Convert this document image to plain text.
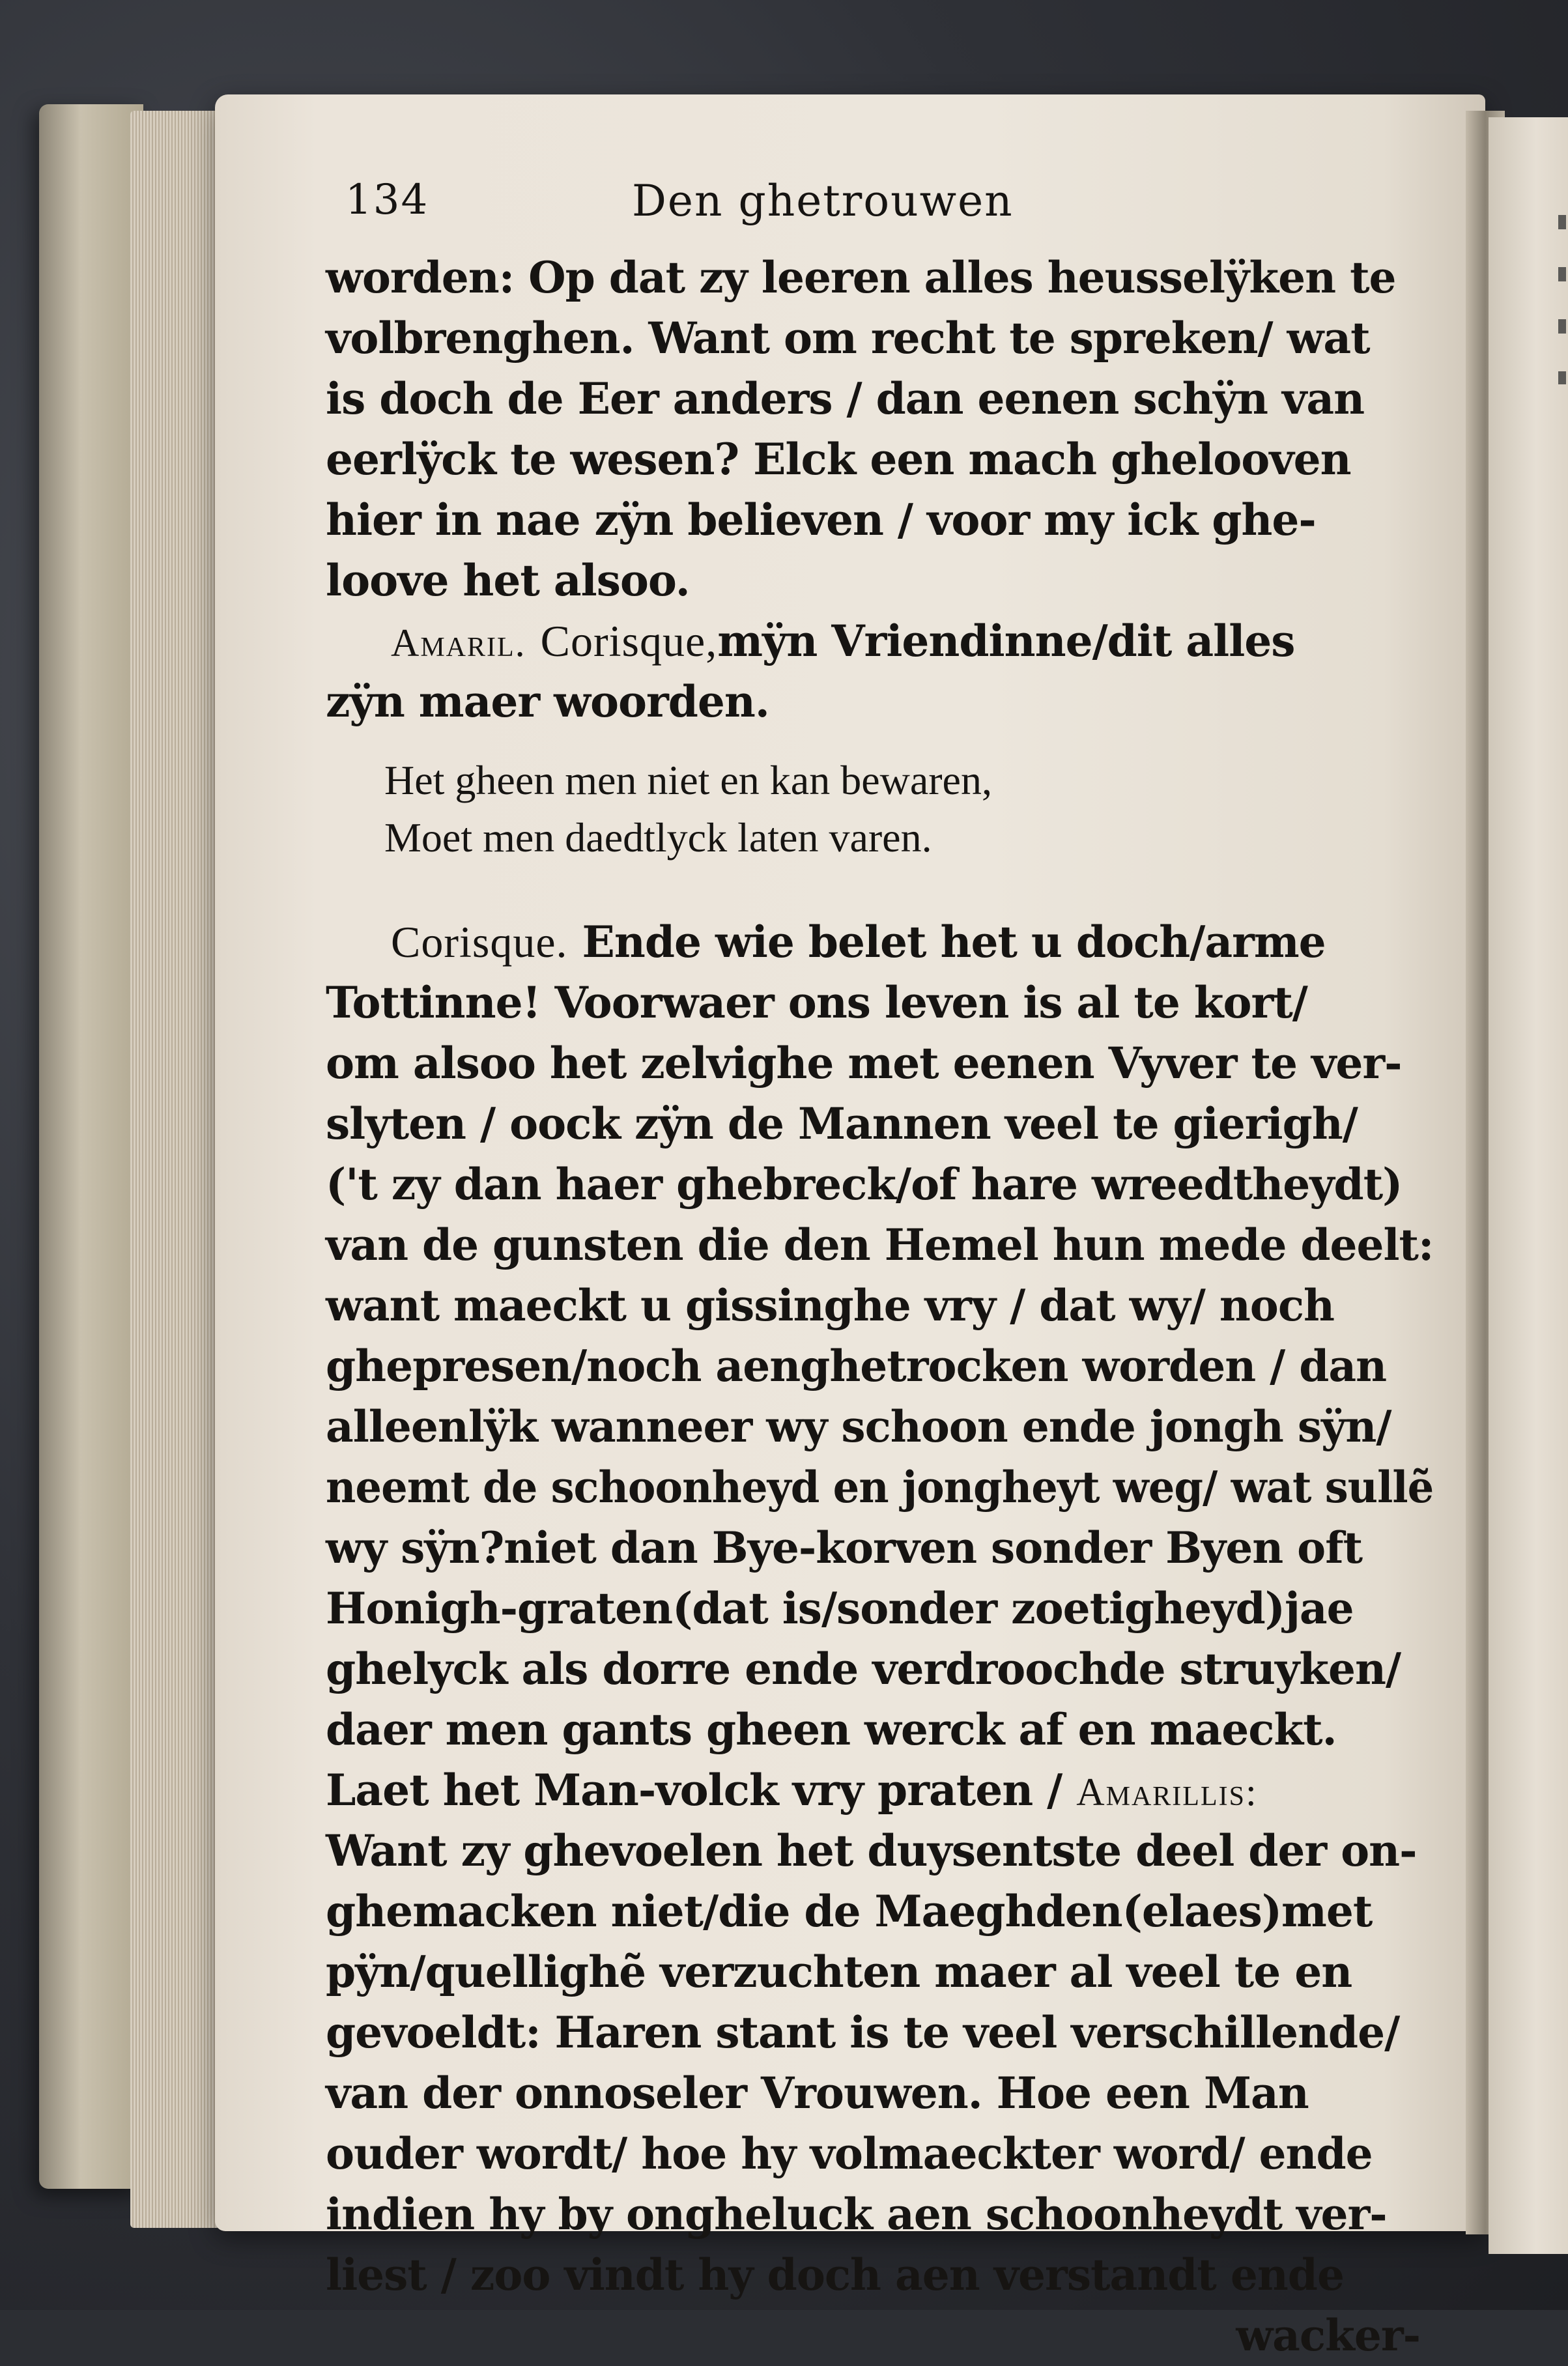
134	Den ghetrouwen
worden: Op dat zy leeren alles heusselÿken te
volbrenghen. Want om recht te spreken/ wat
is doch de Eer anders / dan eenen schÿn van
eerlÿck te wesen? Elck een mach ghelooven
hier in nae zÿn believen / voor my ick ghe-
loove het alsoo.
Amaril. Corisque,mÿn Vriendinne/dit alles
zÿn maer woorden.
Het gheen men niet en kan bewaren,
Moet men daedtlyck laten varen.
Corisque. Ende wie belet het u doch/arme
Tottinne! Voorwaer ons leven is al te kort/
om alsoo het zelvighe met eenen Vyver te ver-
slyten / oock zÿn de Mannen veel te gierigh/
('t zy dan haer ghebreck/of hare wreedtheydt)
van de gunsten die den Hemel hun mede deelt:
want maeckt u gissinghe vry / dat wy/ noch
ghepresen/noch aenghetrocken worden / dan
alleenlÿk wanneer wy schoon ende jongh sÿn/
neemt de schoonheyd en jongheyt weg/ wat sullẽ
wy sÿn?niet dan Bye-korven sonder Byen oft
Honigh-graten(dat is/sonder zoetigheyd)jae
ghelyck als dorre ende verdroochde struyken/
daer men gants gheen werck af en maeckt.
Laet het Man-volck vry praten / Amarillis:
Want zy ghevoelen het duysentste deel der on-
ghemacken niet/die de Maeghden(elaes)met
pÿn/quellighẽ verzuchten maer al veel te en
gevoeldt: Haren stant is te veel verschillende/
van der onnoseler Vrouwen. Hoe een Man
ouder wordt/ hoe hy volmaeckter word/ ende
indien hy by ongheluck aen schoonheydt ver-
liest / zoo vindt hy doch aen verstandt ende
wacker-
